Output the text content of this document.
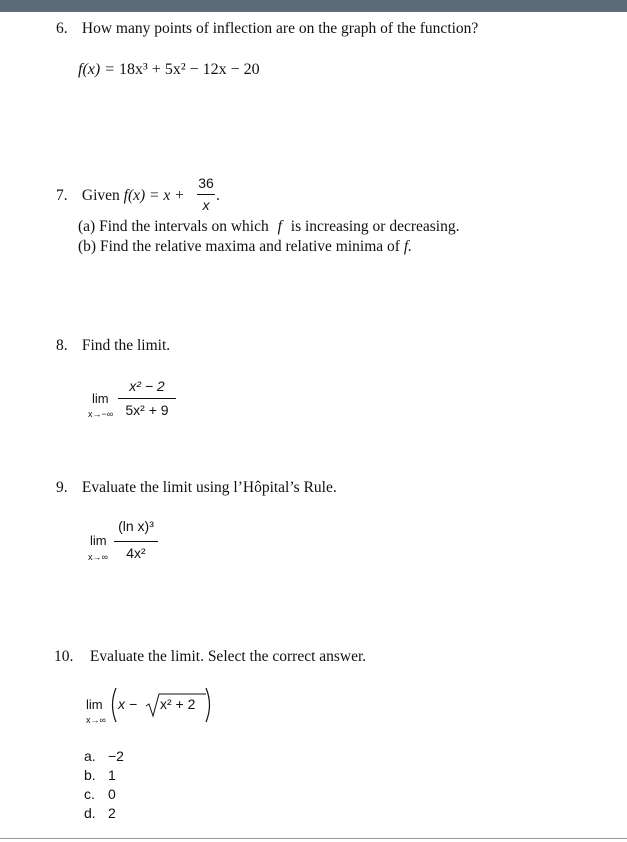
6. How many points of inflection are on the graph of the function?
f(x) = 18x³ + 5x² − 12x − 20
7. Given f(x) = x +
36
x
.
(a) Find the intervals on which f is increasing or decreasing.
(b) Find the relative maxima and relative minima of f.
8. Find the limit.
lim
x→−∞
x² − 2
5x² + 9
9. Evaluate the limit using l’Hôpital’s Rule.
lim
x→∞
(ln x)³
4x²
10. Evaluate the limit. Select the correct answer.
lim
x→∞
x − x² + 2
a. −2
b. 1
c. 0
d. 2
